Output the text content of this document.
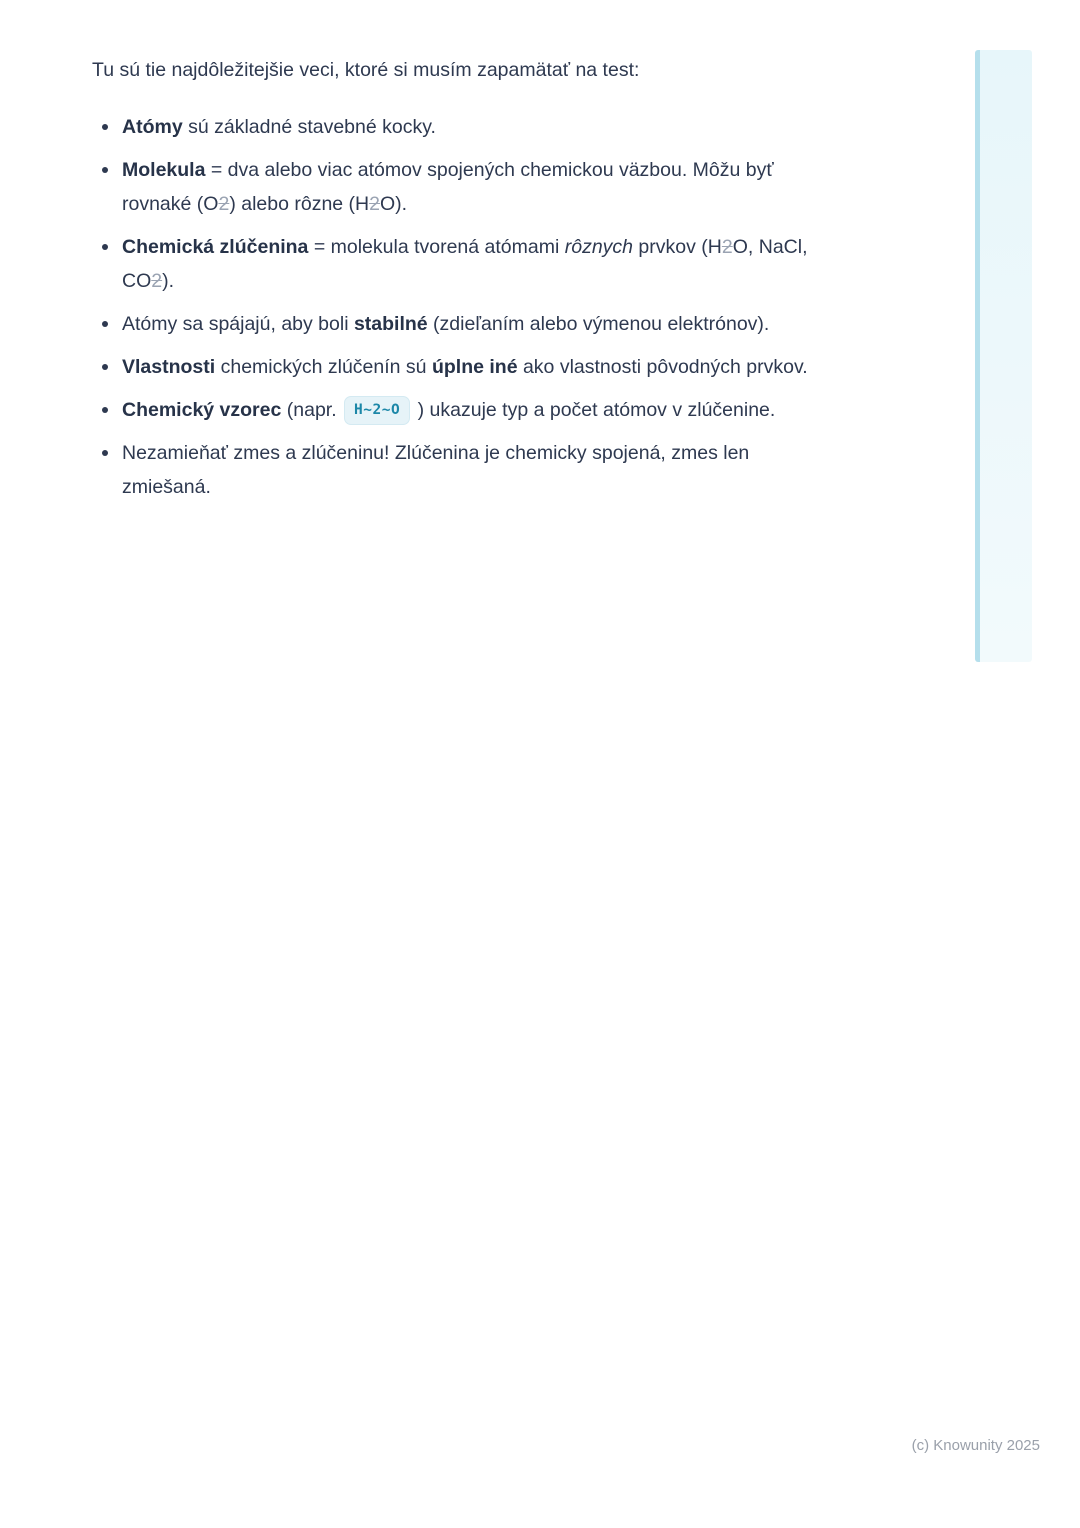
Tu sú tie najdôležitejšie veci, ktoré si musím zapamätať na test:

Atómy sú základné stavebné kocky.
Molekula = dva alebo viac atómov spojených chemickou väzbou. Môžu byť rovnaké (O2) alebo rôzne (H2O).
Chemická zlúčenina = molekula tvorená atómami rôznych prvkov (H2O, NaCl, CO2).
Atómy sa spájajú, aby boli stabilné (zdieľaním alebo výmenou elektrónov).
Vlastnosti chemických zlúčenín sú úplne iné ako vlastnosti pôvodných prvkov.
Chemický vzorec (napr. H~2~O ) ukazuje typ a počet atómov v zlúčenine.
Nezamieňať zmes a zlúčeninu! Zlúčenina je chemicky spojená, zmes len zmiešaná.
(c) Knowunity 2025
